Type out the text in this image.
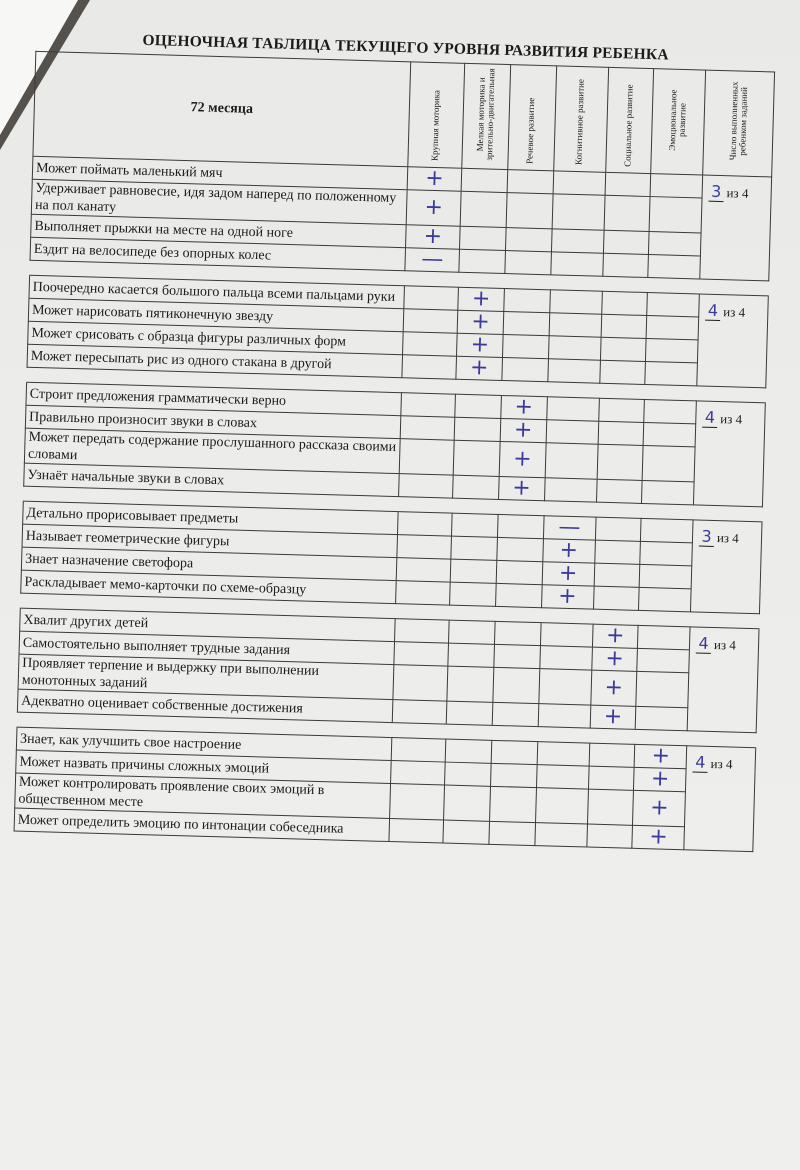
ОЦЕНОЧНАЯ ТАБЛИЦА ТЕКУЩЕГО УРОВНЯ РАЗВИТИЯ РЕБЕНКА
72 месяца	Крупная моторика	Мелкая моторика и зрительно-двигательная	Речевое развитие	Когнитивное развитие	Социальное развитие	Эмоциональное развитие	Число выполненных ребенком заданий
Может поймать маленький мяч	+						3 из 4
Удерживает равновесие, идя задом наперед по положенному на пол канату	+						
Выполняет прыжки на месте на одной ноге	+						
Ездит на велосипеде без опорных колес	—						

Поочередно касается большого пальца всеми пальцами руки		+					4 из 4
Может нарисовать пятиконечную звезду		+					
Может срисовать с образца фигуры различных форм		+					
Может пересыпать рис из одного стакана в другой		+					

Строит предложения грамматически верно			+				4 из 4
Правильно произносит звуки в словах			+				
Может передать содержание прослушанного рассказа своими словами			+				
Узнаёт начальные звуки в словах			+				

Детально прорисовывает предметы				—			3 из 4
Называет геометрические фигуры				+			
Знает назначение светофора				+			
Раскладывает мемо-карточки по схеме-образцу				+			

Хвалит других детей					+		4 из 4
Самостоятельно выполняет трудные задания					+		
Проявляет терпение и выдержку при выполнении монотонных заданий					+		
Адекватно оценивает собственные достижения					+		

Знает, как улучшить свое настроение						+	4 из 4
Может назвать причины сложных эмоций						+	
Может контролировать проявление своих эмоций в общественном месте						+	
Может определить эмоцию по интонации собеседника						+	
